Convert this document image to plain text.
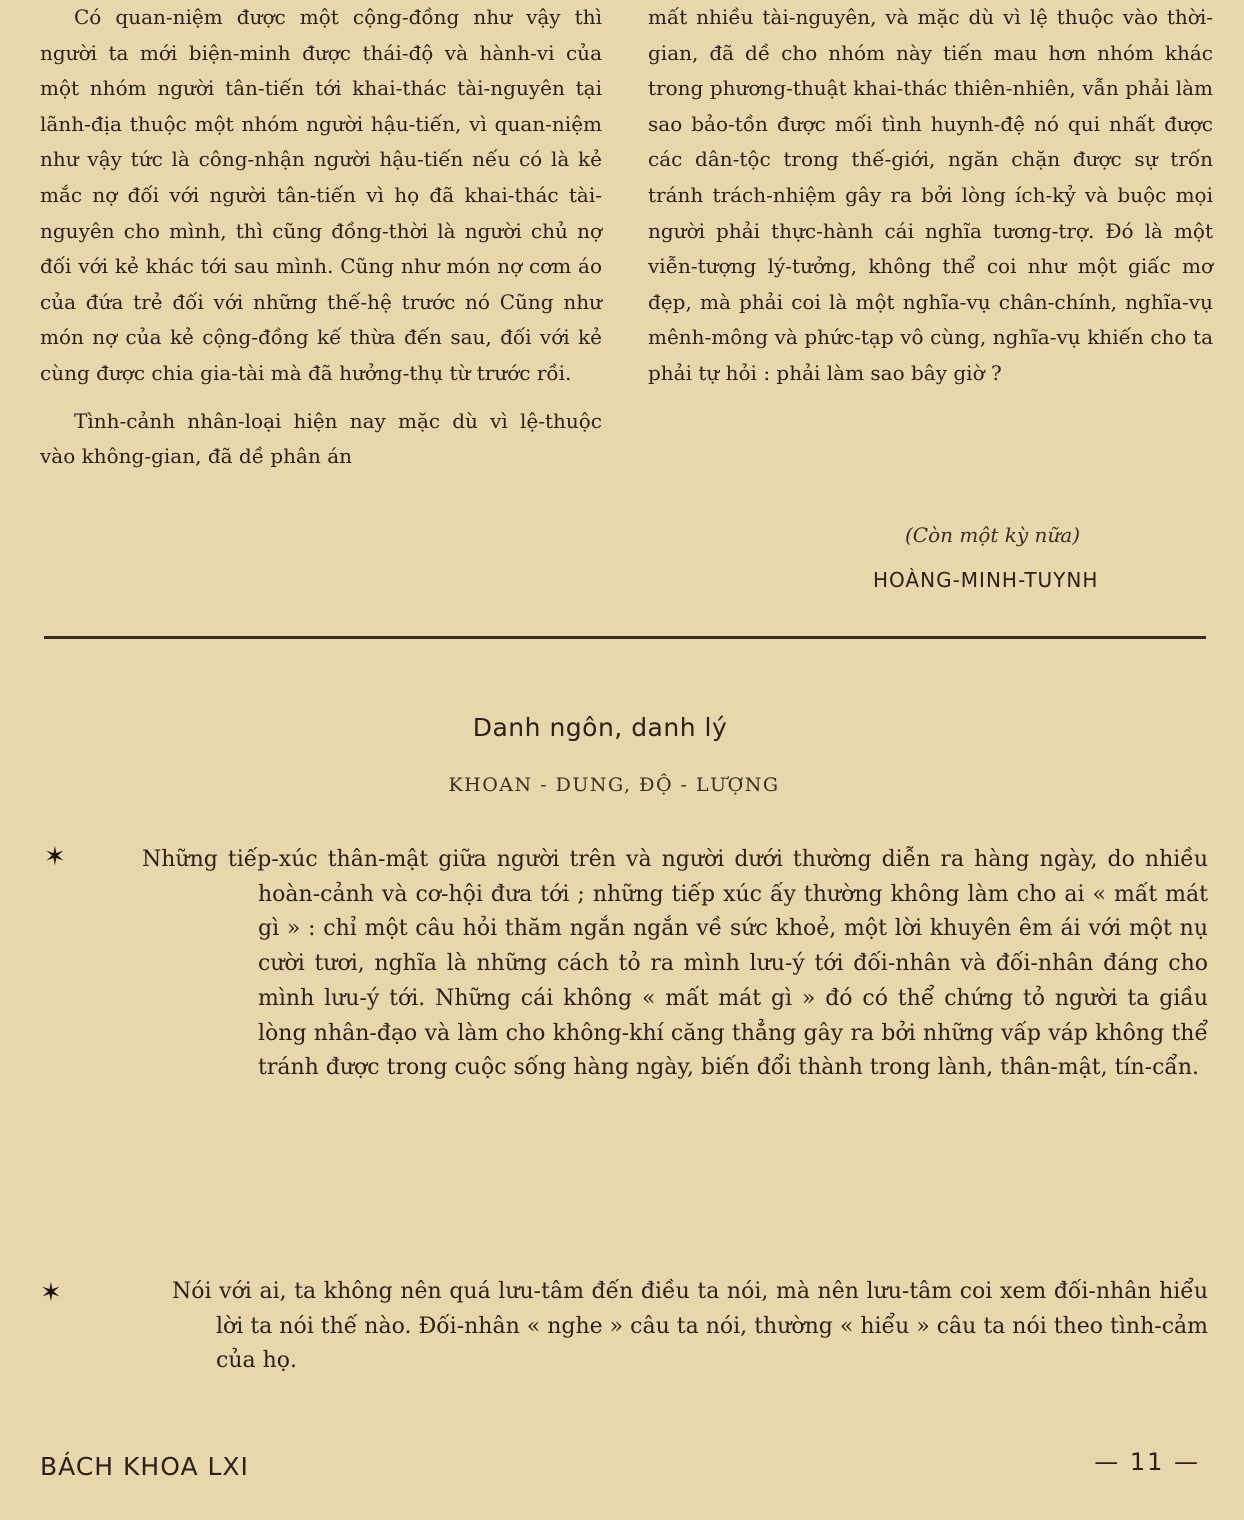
Có quan-niệm được một cộng-đồng như vậy thì người ta mới biện-minh được thái-độ và hành-vi của một nhóm người tân-tiến tới khai-thác tài-nguyên tại lãnh-địa thuộc một nhóm người hậu-tiến, vì quan-niệm như vậy tức là công-nhận người hậu-tiến nếu có là kẻ mắc nợ đối với người tân-tiến vì họ đã khai-thác tài-nguyên cho mình, thì cũng đồng-thời là người chủ nợ đối với kẻ khác tới sau mình. Cũng như món nợ cơm áo của đứa trẻ đối với những thế-hệ trước nó Cũng như món nợ của kẻ cộng-đồng kế thừa đến sau, đối với kẻ cùng được chia gia-tài mà đã hưởng-thụ từ trước rồi.

Tình-cảnh nhân-loại hiện nay mặc dù vì lệ-thuộc vào không-gian, đã dề phân án

mất nhiều tài-nguyên, và mặc dù vì lệ thuộc vào thời-gian, đã dề cho nhóm này tiến mau hơn nhóm khác trong phương-thuật khai-thác thiên-nhiên, vẫn phải làm sao bảo-tồn được mối tình huynh-đệ nó qui nhất được các dân-tộc trong thế-giới, ngăn chặn được sự trốn tránh trách-nhiệm gây ra bởi lòng ích-kỷ và buộc mọi người phải thực-hành cái nghĩa tương-trợ. Đó là một viễn-tượng lý-tưởng, không thể coi như một giấc mơ đẹp, mà phải coi là một nghĩa-vụ chân-chính, nghĩa-vụ mênh-mông và phức-tạp vô cùng, nghĩa-vụ khiến cho ta phải tự hỏi : phải làm sao bây giờ ?

(Còn một kỳ nữa)
HOÀNG-MINH-TUYNH
Danh ngôn, danh lý
KHOAN - DUNG, ĐỘ - LƯỢNG
✶	Những tiếp-xúc thân-mật giữa người trên và người dưới thường diễn ra hàng ngày, do nhiều hoàn-cảnh và cơ-hội đưa tới ; những tiếp xúc ấy thường không làm cho ai « mất mát gì » : chỉ một câu hỏi thăm ngắn ngắn về sức khoẻ, một lời khuyên êm ái với một nụ cười tươi, nghĩa là những cách tỏ ra mình lưu-ý tới đối-nhân và đối-nhân đáng cho mình lưu-ý tới. Những cái không « mất mát gì » đó có thể chứng tỏ người ta giầu lòng nhân-đạo và làm cho không-khí căng thẳng gây ra bởi những vấp váp không thể tránh được trong cuộc sống hàng ngày, biến đổi thành trong lành, thân-mật, tín-cẩn.

✶	Nói với ai, ta không nên quá lưu-tâm đến điều ta nói, mà nên lưu-tâm coi xem đối-nhân hiểu lời ta nói thế nào. Đối-nhân « nghe » câu ta nói, thường « hiểu » câu ta nói theo tình-cảm của họ.

BÁCH KHOA LXI	— 11 —
